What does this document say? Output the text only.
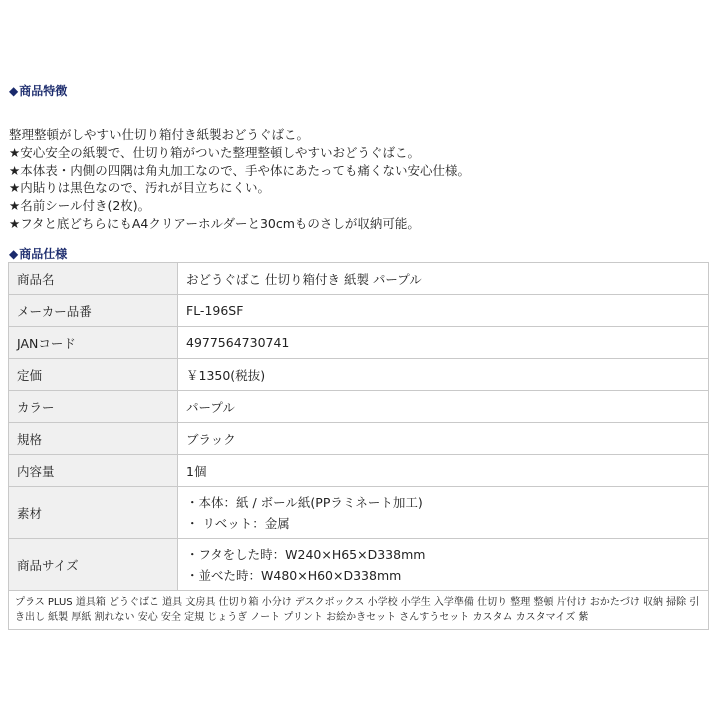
◆商品特徴
整理整頓がしやすい仕切り箱付き紙製おどうぐばこ。
★安心安全の紙製で、仕切り箱がついた整理整頓しやすいおどうぐばこ。
★本体表・内側の四隅は角丸加工なので、手や体にあたっても痛くない安心仕様。
★内貼りは黒色なので、汚れが目立ちにくい。
★名前シール付き(2枚)。
★フタと底どちらにもA4クリアーホルダーと30cmものさしが収納可能。
◆商品仕様
商品名	おどうぐばこ 仕切り箱付き 紙製 パープル
メーカー品番	FL-196SF
JANコード	4977564730741
定価	￥1350(税抜)
カラー	パープル
規格	ブラック
内容量	1個
素材	・本体：紙 / ボール紙(PPラミネート加工)
・ リベット：金属

商品サイズ	・フタをした時：W240×H65×D338mm
・並べた時：W480×H60×D338mm

プラス PLUS 道具箱 どうぐばこ 道具 文房具 仕切り箱 小分け デスクボックス 小学校 小学生 入学準備 仕切り 整理 整頓 片付け おかたづけ 収納 掃除 引き出し 紙製 厚紙 割れない 安心 安全 定規 じょうぎ ノート プリント お絵かきセット さんすうセット カスタム カスタマイズ 紫	
